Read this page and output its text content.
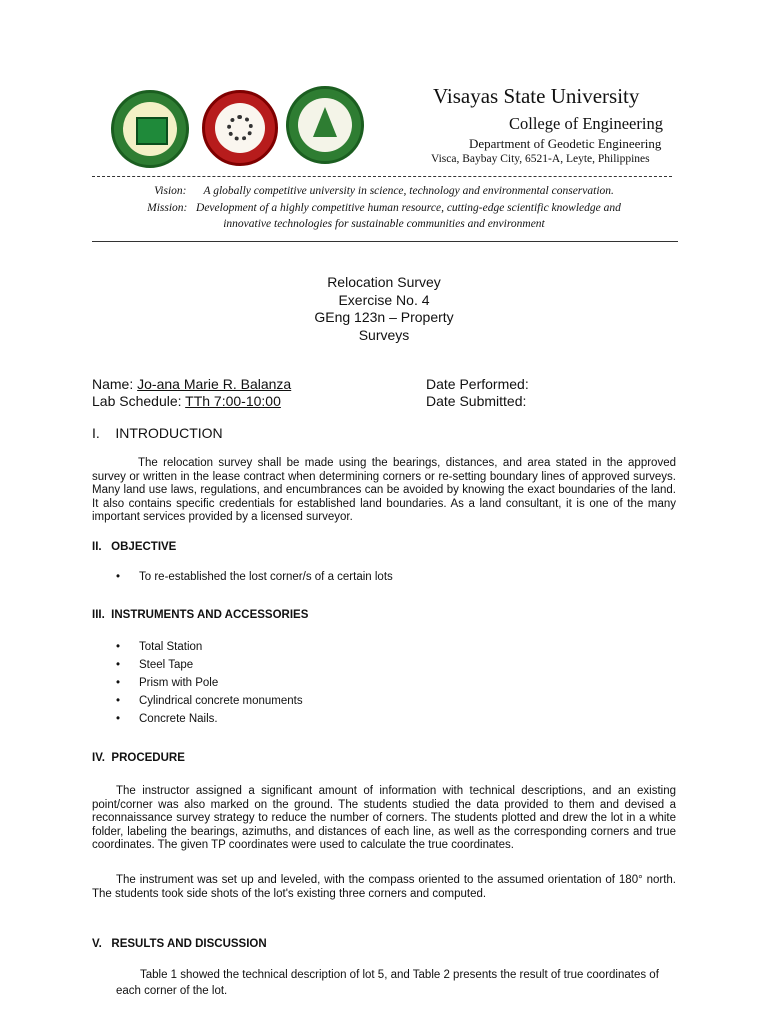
Visayas State University
College of Engineering
Department of Geodetic Engineering
Visca, Baybay City, 6521-A, Leyte, Philippines
Vision:      A globally competitive university in science, technology and environmental conservation.
Mission:   Development of a highly competitive human resource, cutting-edge scientific knowledge and
innovative technologies for sustainable communities and environment
Relocation Survey
Exercise No. 4
GEng 123n – Property
Surveys
Name: Jo-ana Marie R. Balanza
Lab Schedule: TTh 7:00-10:00
Date Performed:
Date Submitted:
I.    INTRODUCTION
The relocation survey shall be made using the bearings, distances, and area stated in the approved survey or written in the lease contract when determining corners or re-setting boundary lines of approved surveys. Many land use laws, regulations, and encumbrances can be avoided by knowing the exact boundaries of the land. It also contains specific credentials for established land boundaries. As a land consultant, it is one of the many important services provided by a licensed surveyor.
II.   OBJECTIVE
• To re-established the lost corner/s of a certain lots
III.  INSTRUMENTS AND ACCESSORIES
• Total Station
• Steel Tape
• Prism with Pole
• Cylindrical concrete monuments
• Concrete Nails.
IV.  PROCEDURE
The instructor assigned a significant amount of information with technical descriptions, and an existing point/corner was also marked on the ground. The students studied the data provided to them and devised a reconnaissance survey strategy to reduce the number of corners. The students plotted and drew the lot in a white folder, labeling the bearings, azimuths, and distances of each line, as well as the corresponding corners and true coordinates. The given TP coordinates were used to calculate the true coordinates.
The instrument was set up and leveled, with the compass oriented to the assumed orientation of 180° north. The students took side shots of the lot's existing three corners and computed.
V.   RESULTS AND DISCUSSION
Table 1 showed the technical description of lot 5, and Table 2 presents the result of true coordinates of each corner of the lot.
